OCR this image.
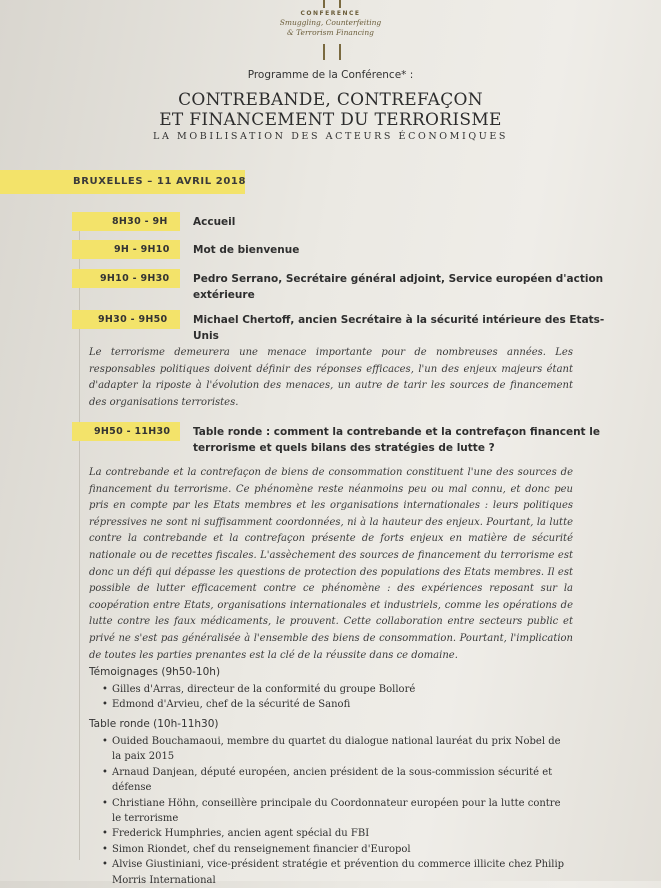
CONFERENCE
Smuggling, Counterfeiting
& Terrorism Financing
Programme de la Conférence* :
CONTREBANDE, CONTREFAÇON
ET FINANCEMENT DU TERRORISME
LA MOBILISATION DES ACTEURS ÉCONOMIQUES
BRUXELLES – 11 AVRIL 2018
8H30 - 9H Accueil
9H - 9H10 Mot de bienvenue
9H10 - 9H30 Pedro Serrano, Secrétaire général adjoint, Service européen d'action
extérieure
9H30 - 9H50 Michael Chertoff, ancien Secrétaire à la sécurité intérieure des Etats-
Unis
Le terrorisme demeurera une menace importante pour de nombreuses années. Les responsables politiques doivent définir des réponses efficaces, l'un des enjeux majeurs étant d'adapter la riposte à l'évolution des menaces, un autre de tarir les sources de financement des organisations terroristes.
9H50 - 11H30 Table ronde : comment la contrebande et la contrefaçon financent le
terrorisme et quels bilans des stratégies de lutte ?
La contrebande et la contrefaçon de biens de consommation constituent l'une des sources de financement du terrorisme. Ce phénomène reste néanmoins peu ou mal connu, et donc peu pris en compte par les Etats membres et les organisations internationales : leurs politiques répressives ne sont ni suffisamment coordonnées, ni à la hauteur des enjeux. Pourtant, la lutte contre la contrebande et la contrefaçon présente de forts enjeux en matière de sécurité nationale ou de recettes fiscales. L'assèchement des sources de financement du terrorisme est donc un défi qui dépasse les questions de protection des populations des Etats membres. Il est possible de lutter efficacement contre ce phénomène : des expériences reposant sur la coopération entre Etats, organisations internationales et industriels, comme les opérations de lutte contre les faux médicaments, le prouvent. Cette collaboration entre secteurs public et privé ne s'est pas généralisée à l'ensemble des biens de consommation. Pourtant, l'implication de toutes les parties prenantes est la clé de la réussite dans ce domaine.
Témoignages (9h50-10h)
• Gilles d'Arras, directeur de la conformité du groupe Bolloré
• Edmond d'Arvieu, chef de la sécurité de Sanofi
Table ronde (10h-11h30)
• Ouided Bouchamaoui, membre du quartet du dialogue national lauréat du prix Nobel de la paix 2015
• Arnaud Danjean, député européen, ancien président de la sous-commission sécurité et défense
• Christiane Höhn, conseillère principale du Coordonnateur européen pour la lutte contre le terrorisme
• Frederick Humphries, ancien agent spécial du FBI
• Simon Riondet, chef du renseignement financier d'Europol
• Alvise Giustiniani, vice-président stratégie et prévention du commerce illicite chez Philip Morris International
